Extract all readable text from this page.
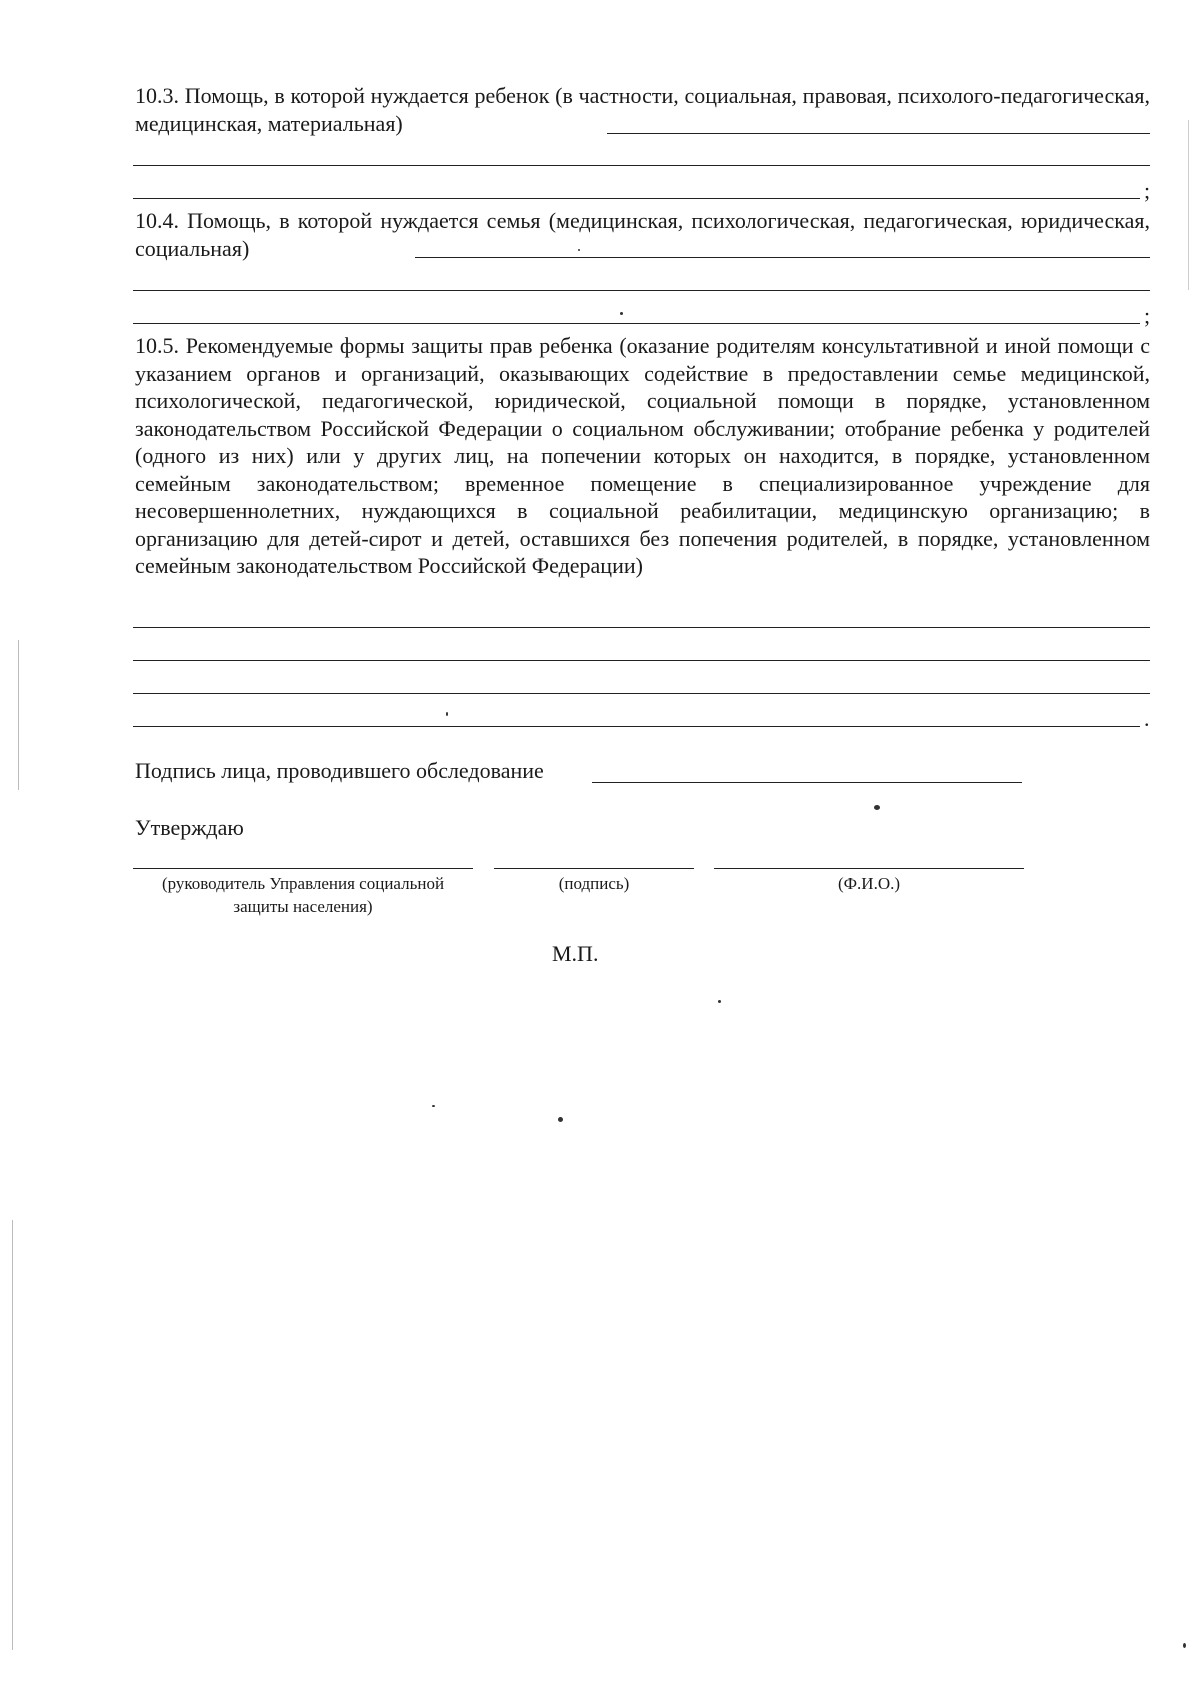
10.3. Помощь, в которой нуждается ребенок (в частности, социальная, правовая, психолого-педагогическая, медицинская, материальная)
;
10.4. Помощь, в которой нуждается семья (медицинская, психологическая, педагогическая, юридическая, социальная)
;
10.5. Рекомендуемые формы защиты прав ребенка (оказание родителям консультативной и иной помощи с указанием органов и организаций, оказывающих содействие в предоставлении семье медицинской, психологической, педагогической, юридической, социальной помощи в порядке, установленном законодательством Российской Федерации о социальном обслуживании; отобрание ребенка у родителей (одного из них) или у других лиц, на попечении которых он находится, в порядке, установленном семейным законодательством; временное помещение в специализированное учреждение для несовершеннолетних, нуждающихся в социальной реабилитации, медицинскую организацию; в организацию для детей-сирот и детей, оставшихся без попечения родителей, в порядке, установленном семейным законодательством Российской Федерации)
.
Подпись лица, проводившего обследование
Утверждаю
(руководитель Управления социальной защиты населения)
(подпись)	(Ф.И.О.)
М.П.
